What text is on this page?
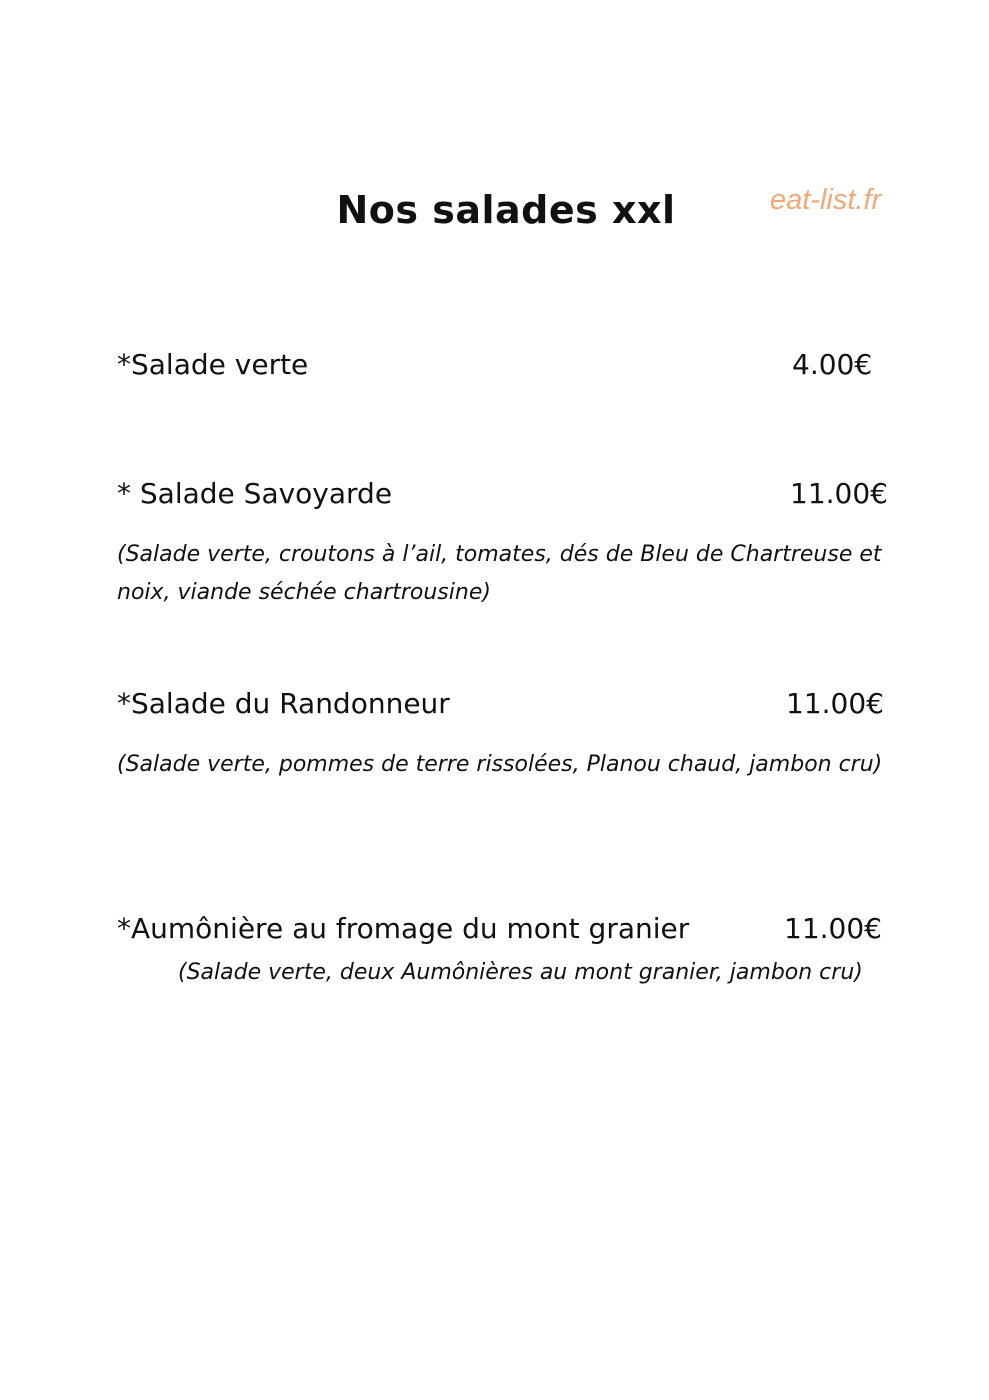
Nos salades xxl	eat-list.fr
*Salade verte	4.00€
* Salade Savoyarde	11.00€
(Salade verte, croutons à l’ail, tomates, dés de Bleu de Chartreuse et
noix, viande séchée chartrousine)
*Salade du Randonneur	11.00€
(Salade verte, pommes de terre rissolées, Planou chaud, jambon cru)
*Aumônière au fromage du mont granier	11.00€
(Salade verte, deux Aumônières au mont granier, jambon cru)
